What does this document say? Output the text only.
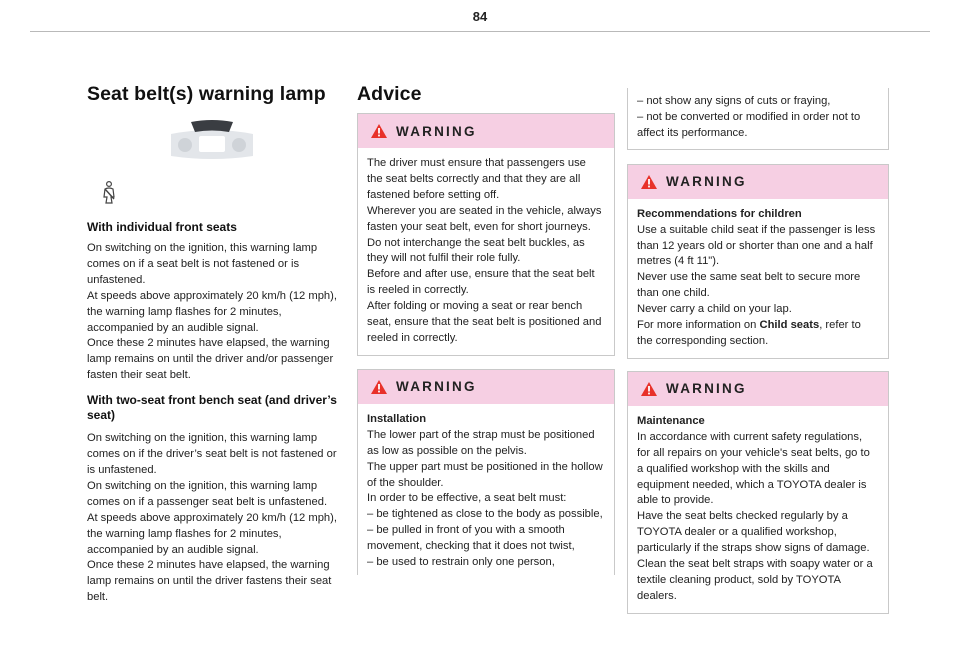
84
Seat belt(s) warning lamp
With individual front seats
On switching on the ignition, this warning lamp comes on if a seat belt is not fastened or is unfastened.
At speeds above approximately 20 km/h (12 mph), the warning lamp flashes for 2 minutes, accompanied by an audible signal.
Once these 2 minutes have elapsed, the warning lamp remains on until the driver and/or passenger fasten their seat belt.
With two-seat front bench seat (and driver’s seat)
On switching on the ignition, this warning lamp comes on if the driver’s seat belt is not fastened or is unfastened.
On switching on the ignition, this warning lamp comes on if a passenger seat belt is unfastened.
At speeds above approximately 20 km/h (12 mph), the warning lamp flashes for 2 minutes, accompanied by an audible signal.
Once these 2 minutes have elapsed, the warning lamp remains on until the driver fastens their seat belt.
Advice
WARNING
The driver must ensure that passengers use the seat belts correctly and that they are all fastened before setting off.
Wherever you are seated in the vehicle, always fasten your seat belt, even for short journeys.
Do not interchange the seat belt buckles, as they will not fulfil their role fully.
Before and after use, ensure that the seat belt is reeled in correctly.
After folding or moving a seat or rear bench seat, ensure that the seat belt is positioned and reeled in correctly.
WARNING
Installation
The lower part of the strap must be positioned as low as possible on the pelvis.
The upper part must be positioned in the hollow of the shoulder.
In order to be effective, a seat belt must:
– be tightened as close to the body as possible,
– be pulled in front of you with a smooth movement, checking that it does not twist,
– be used to restrain only one person,
– not show any signs of cuts or fraying,
– not be converted or modified in order not to affect its performance.
WARNING
Recommendations for children
Use a suitable child seat if the passenger is less than 12 years old or shorter than one and a half metres (4 ft 11").
Never use the same seat belt to secure more than one child.
Never carry a child on your lap.
For more information on Child seats, refer to the corresponding section.
WARNING
Maintenance
In accordance with current safety regulations, for all repairs on your vehicle's seat belts, go to a qualified workshop with the skills and equipment needed, which a TOYOTA dealer is able to provide.
Have the seat belts checked regularly by a TOYOTA dealer or a qualified workshop, particularly if the straps show signs of damage.
Clean the seat belt straps with soapy water or a textile cleaning product, sold by TOYOTA dealers.
